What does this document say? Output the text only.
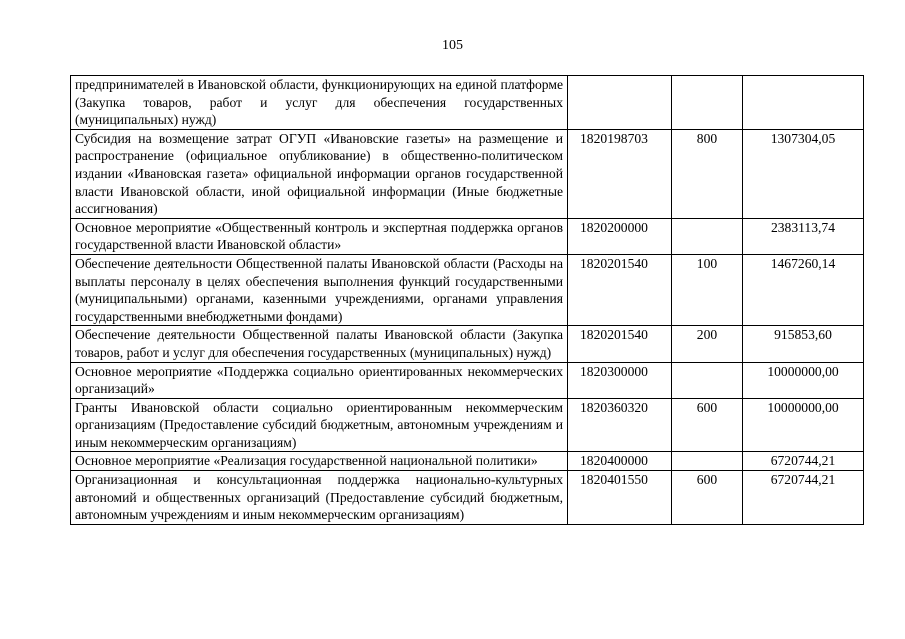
105
предпринимателей в Ивановской области, функционирующих на единой платформе (Закупка товаров, работ и услуг для обеспечения государственных (муниципальных) нужд)			
Субсидия на возмещение затрат ОГУП «Ивановские газеты» на размещение и распространение (официальное опубликование) в общественно-политическом издании «Ивановская газета» официальной информации органов государственной власти Ивановской области, иной официальной информации (Иные бюджетные ассигнования)	1820198703	800	1307304,05
Основное мероприятие «Общественный контроль и экспертная поддержка органов государственной власти Ивановской области»	1820200000		2383113,74
Обеспечение деятельности Общественной палаты Ивановской области (Расходы на выплаты персоналу в целях обеспечения выполнения функций государственными (муниципальными) органами, казенными учреждениями, органами управления государственными внебюджетными фондами)	1820201540	100	1467260,14
Обеспечение деятельности Общественной палаты Ивановской области (Закупка товаров, работ и услуг для обеспечения государственных (муниципальных) нужд)	1820201540	200	915853,60
Основное мероприятие «Поддержка социально ориентированных некоммерческих организаций»	1820300000		10000000,00
Гранты Ивановской области социально ориентированным некоммерческим организациям (Предоставление субсидий бюджетным, автономным учреждениям и иным некоммерческим организациям)	1820360320	600	10000000,00
Основное мероприятие «Реализация государственной национальной политики»	1820400000		6720744,21
Организационная и консультационная поддержка национально-культурных автономий и общественных организаций (Предоставление субсидий бюджетным, автономным учреждениям и иным некоммерческим организациям)	1820401550	600	6720744,21
